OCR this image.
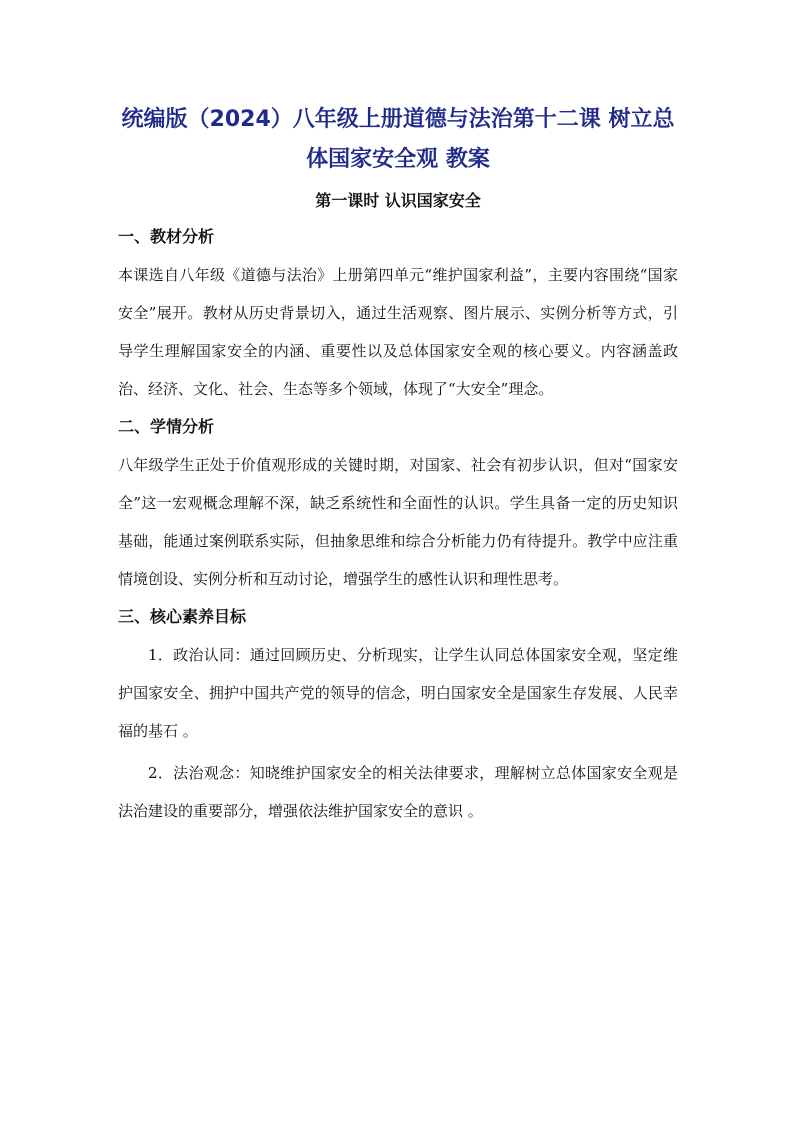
统编版（2024）八年级上册道德与法治第十二课 树立总体国家安全观 教案
第一课时 认识国家安全
一、教材分析

本课选自八年级《道德与法治》上册第四单元“维护国家利益”，主要内容围绕“国家安全”展开。教材从历史背景切入，通过生活观察、图片展示、实例分析等方式，引导学生理解国家安全的内涵、重要性以及总体国家安全观的核心要义。内容涵盖政治、经济、文化、社会、生态等多个领域，体现了“大安全”理念。

二、学情分析

八年级学生正处于价值观形成的关键时期，对国家、社会有初步认识，但对“国家安全”这一宏观概念理解不深，缺乏系统性和全面性的认识。学生具备一定的历史知识基础，能通过案例联系实际，但抽象思维和综合分析能力仍有待提升。教学中应注重情境创设、实例分析和互动讨论，增强学生的感性认识和理性思考。

三、核心素养目标

1．政治认同：通过回顾历史、分析现实，让学生认同总体国家安全观，坚定维护国家安全、拥护中国共产党的领导的信念，明白国家安全是国家生存发展、人民幸福的基石 。

2．法治观念：知晓维护国家安全的相关法律要求，理解树立总体国家安全观是法治建设的重要部分，增强依法维护国家安全的意识 。
